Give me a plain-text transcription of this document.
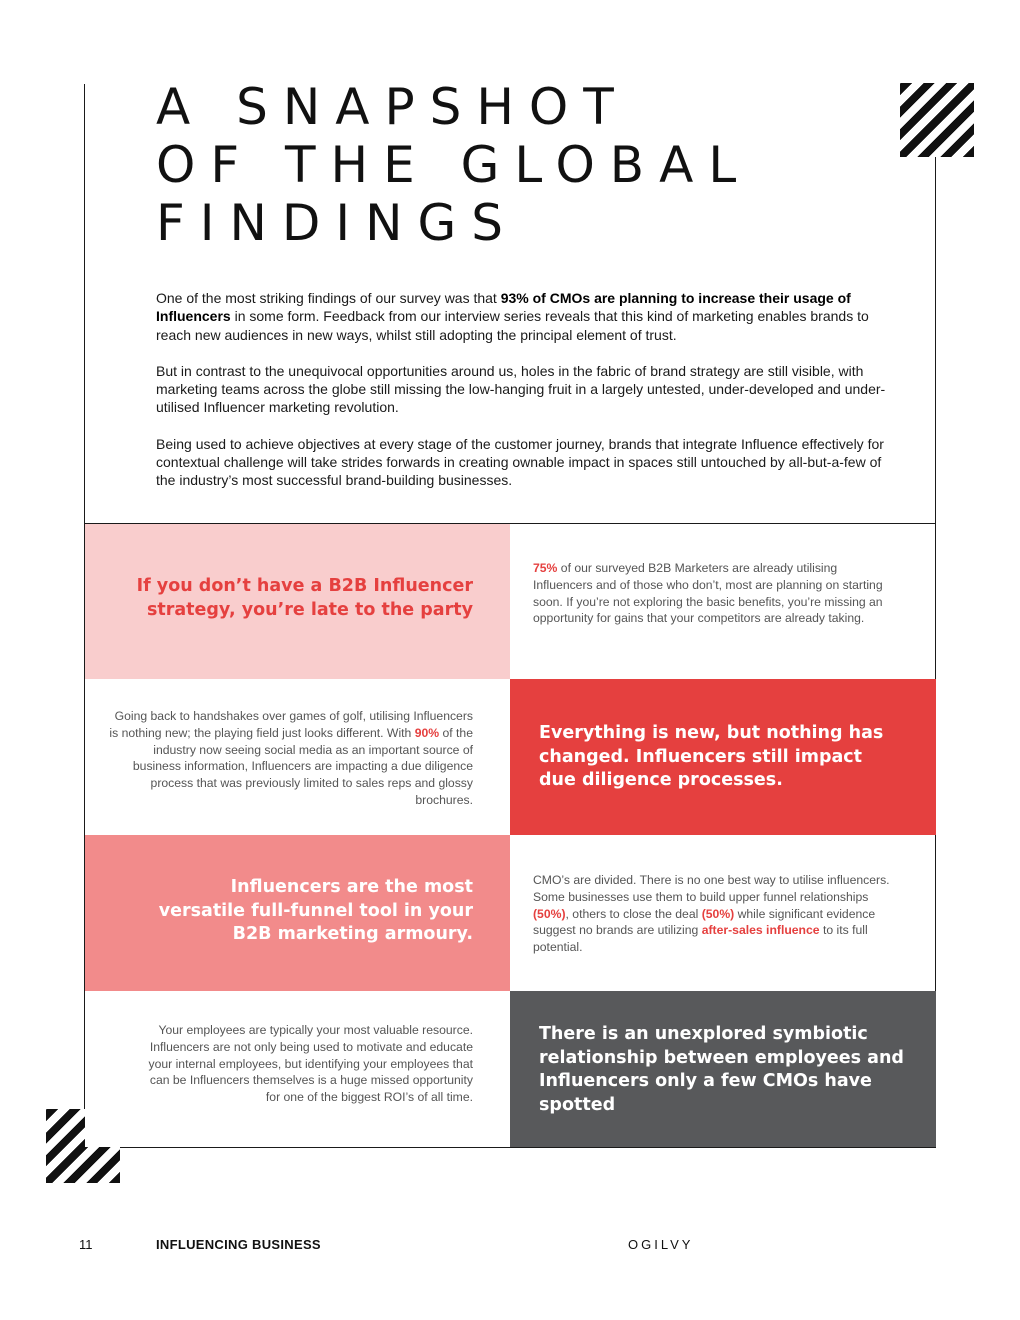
A SNAPSHOT
OF THE GLOBAL
FINDINGS

One of the most striking findings of our survey was that 93% of CMOs are planning to increase their usage of Influencers in some form. Feedback from our interview series reveals that this kind of marketing enables brands to reach new audiences in new ways, whilst still adopting the principal element of trust.

But in contrast to the unequivocal opportunities around us, holes in the fabric of brand strategy are still visible, with marketing teams across the globe still missing the low-hanging fruit in a largely untested, under-developed and under-utilised Influencer marketing revolution.

Being used to achieve objectives at every stage of the customer journey, brands that integrate Influence effectively for contextual challenge will take strides forwards in creating ownable impact in spaces still untouched by all-but-a-few of the industry’s most successful brand-building businesses.

If you don’t have a B2B Influencer strategy, you’re late to the party
75% of our surveyed B2B Marketers are already utilising Influencers and of those who don’t, most are planning on starting soon. If you’re not exploring the basic benefits, you’re missing an opportunity for gains that your competitors are already taking.
Going back to handshakes over games of golf, utilising Influencers is nothing new; the playing field just looks different. With 90% of the industry now seeing social media as an important source of business information, Influencers are impacting a due diligence process that was previously limited to sales reps and glossy brochures.
Everything is new, but nothing has changed. Influencers still impact due diligence processes.
Influencers are the most versatile full-funnel tool in your B2B marketing armoury.
CMO’s are divided. There is no one best way to utilise influencers. Some businesses use them to build upper funnel relationships (50%), others to close the deal (50%) while significant evidence suggest no brands are utilizing after-sales influence to its full potential.
Your employees are typically your most valuable resource. Influencers are not only being used to motivate and educate your internal employees, but identifying your employees that can be Influencers themselves is a huge missed opportunity for one of the biggest ROI’s of all time.
There is an unexplored symbiotic relationship between employees and Influencers only a few CMOs have spotted
11	INFLUENCING BUSINESS	OGILVY
